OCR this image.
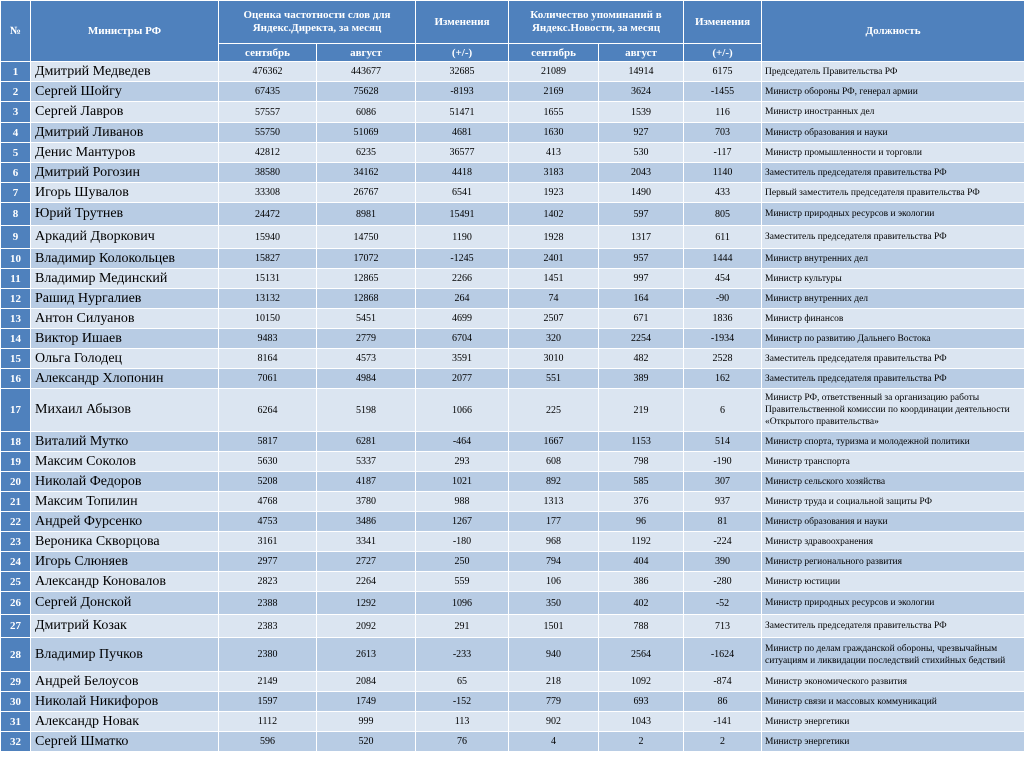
№	Министры РФ	Оценка частотности слов для Яндекс.Директа, за месяц		Изменения	Количество упоминаний в Яндекс.Новости, за месяц		Изменения	Должность
		сентябрь	август	(+/-)	сентябрь	август	(+/-)	
1	Дмитрий Медведев	476362	443677	32685	21089	14914	6175	Председатель Правительства РФ
2	Сергей Шойгу	67435	75628	-8193	2169	3624	-1455	Министр обороны РФ, генерал армии
3	Сергей Лавров	57557	6086	51471	1655	1539	116	Министр иностранных дел
4	Дмитрий Ливанов	55750	51069	4681	1630	927	703	Министр образования и науки
5	Денис Мантуров	42812	6235	36577	413	530	-117	Министр промышленности и торговли
6	Дмитрий Рогозин	38580	34162	4418	3183	2043	1140	Заместитель председателя правительства РФ
7	Игорь Шувалов	33308	26767	6541	1923	1490	433	Первый заместитель председателя правительства РФ
8	Юрий Трутнев	24472	8981	15491	1402	597	805	Министр природных ресурсов и экологии
9	Аркадий Дворкович	15940	14750	1190	1928	1317	611	Заместитель председателя правительства РФ
10	Владимир Колокольцев	15827	17072	-1245	2401	957	1444	Министр внутренних дел
11	Владимир Мединский	15131	12865	2266	1451	997	454	Министр культуры
12	Рашид Нургалиев	13132	12868	264	74	164	-90	Министр внутренних дел
13	Антон Силуанов	10150	5451	4699	2507	671	1836	Министр финансов
14	Виктор Ишаев	9483	2779	6704	320	2254	-1934	Министр по развитию Дальнего Востока
15	Ольга Голодец	8164	4573	3591	3010	482	2528	Заместитель председателя правительства РФ
16	Александр Хлопонин	7061	4984	2077	551	389	162	Заместитель председателя правительства РФ
17	Михаил Абызов	6264	5198	1066	225	219	6	Министр РФ, ответственный за организацию работы Правительственной комиссии по координации деятельности «Открытого правительства»
18	Виталий Мутко	5817	6281	-464	1667	1153	514	Министр спорта, туризма и молодежной политики
19	Максим Соколов	5630	5337	293	608	798	-190	Министр транспорта
20	Николай Федоров	5208	4187	1021	892	585	307	Министр сельского хозяйства
21	Максим Топилин	4768	3780	988	1313	376	937	Министр труда и социальной защиты РФ
22	Андрей Фурсенко	4753	3486	1267	177	96	81	Министр образования и науки
23	Вероника Скворцова	3161	3341	-180	968	1192	-224	Министр здравоохранения
24	Игорь Слюняев	2977	2727	250	794	404	390	Министр регионального развития
25	Александр Коновалов	2823	2264	559	106	386	-280	Министр юстиции
26	Сергей Донской	2388	1292	1096	350	402	-52	Министр природных ресурсов и экологии
27	Дмитрий Козак	2383	2092	291	1501	788	713	Заместитель председателя правительства РФ
28	Владимир Пучков	2380	2613	-233	940	2564	-1624	Министр по делам гражданской обороны, чрезвычайным ситуациям и ликвидации последствий стихийных бедствий
29	Андрей Белоусов	2149	2084	65	218	1092	-874	Министр экономического развития
30	Николай Никифоров	1597	1749	-152	779	693	86	Министр связи и массовых коммуникаций
31	Александр Новак	1112	999	113	902	1043	-141	Министр энергетики
32	Сергей Шматко	596	520	76	4	2	2	Министр энергетики
